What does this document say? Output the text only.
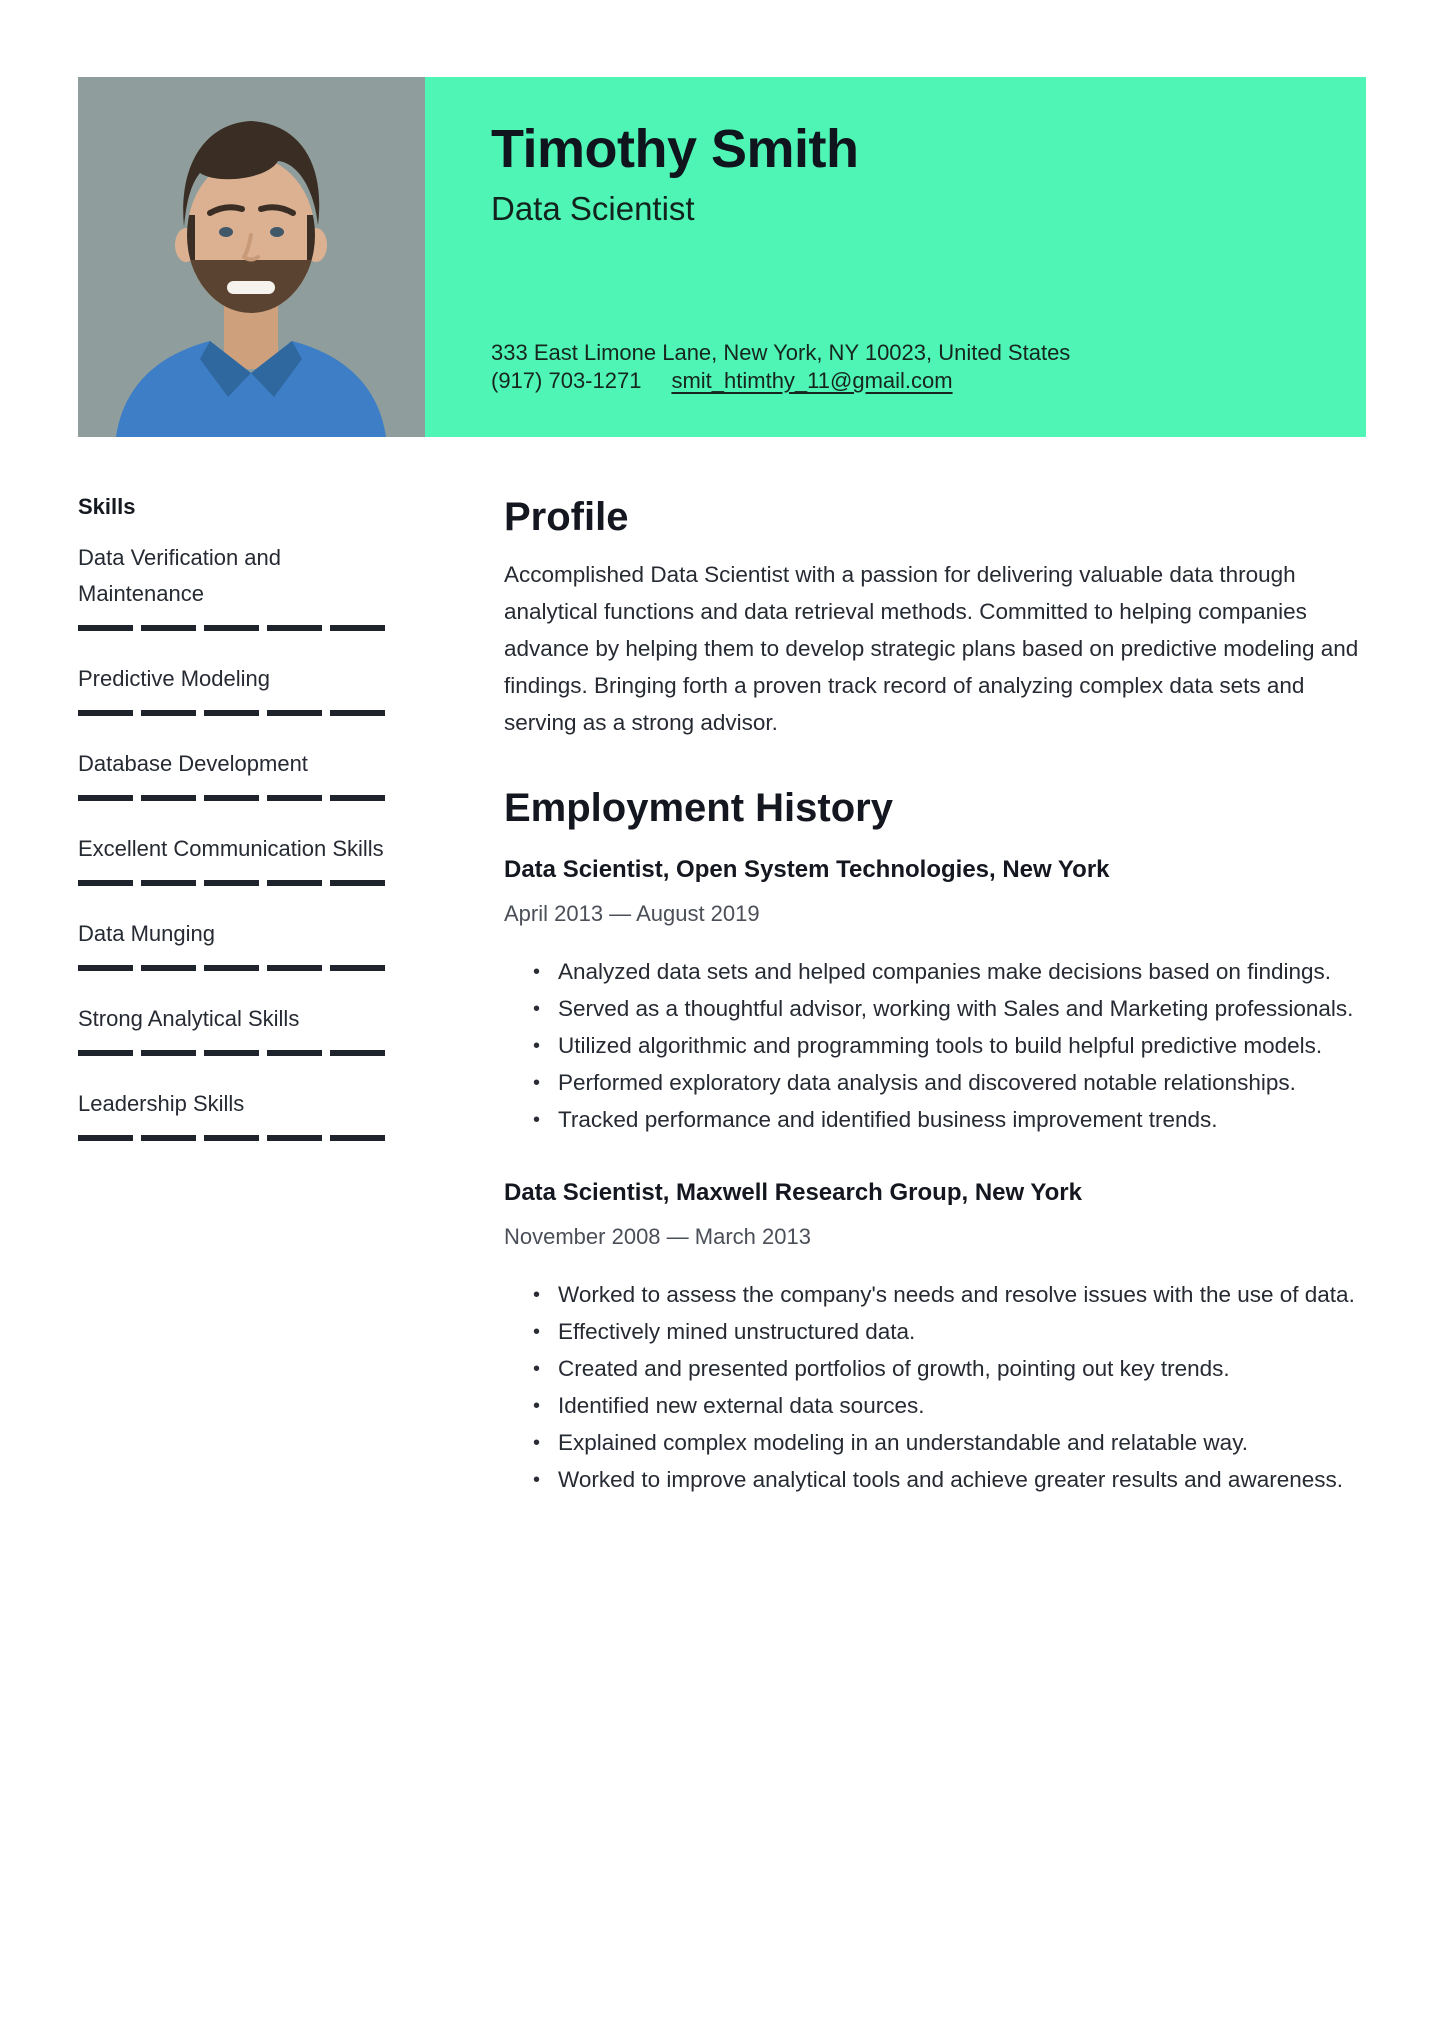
Timothy Smith
Data Scientist
333 East Limone Lane, New York, NY 10023, United States
(917) 703-1271 smit_htimthy_11@gmail.com
Skills
Data Verification and Maintenance
Predictive Modeling
Database Development
Excellent Communication Skills
Data Munging
Strong Analytical Skills
Leadership Skills
Profile

Accomplished Data Scientist with a passion for delivering valuable data through analytical functions and data retrieval methods. Committed to helping companies advance by helping them to develop strategic plans based on predictive modeling and findings. Bringing forth a proven track record of analyzing complex data sets and serving as a strong advisor.

Employment History
Data Scientist, Open System Technologies, New York
April 2013 — August 2019
• Analyzed data sets and helped companies make decisions based on findings.
• Served as a thoughtful advisor, working with Sales and Marketing professionals.
• Utilized algorithmic and programming tools to build helpful predictive models.
• Performed exploratory data analysis and discovered notable relationships.
• Tracked performance and identified business improvement trends.
Data Scientist, Maxwell Research Group, New York
November 2008 — March 2013
• Worked to assess the company's needs and resolve issues with the use of data.
• Effectively mined unstructured data.
• Created and presented portfolios of growth, pointing out key trends.
• Identified new external data sources.
• Explained complex modeling in an understandable and relatable way.
• Worked to improve analytical tools and achieve greater results and awareness.
